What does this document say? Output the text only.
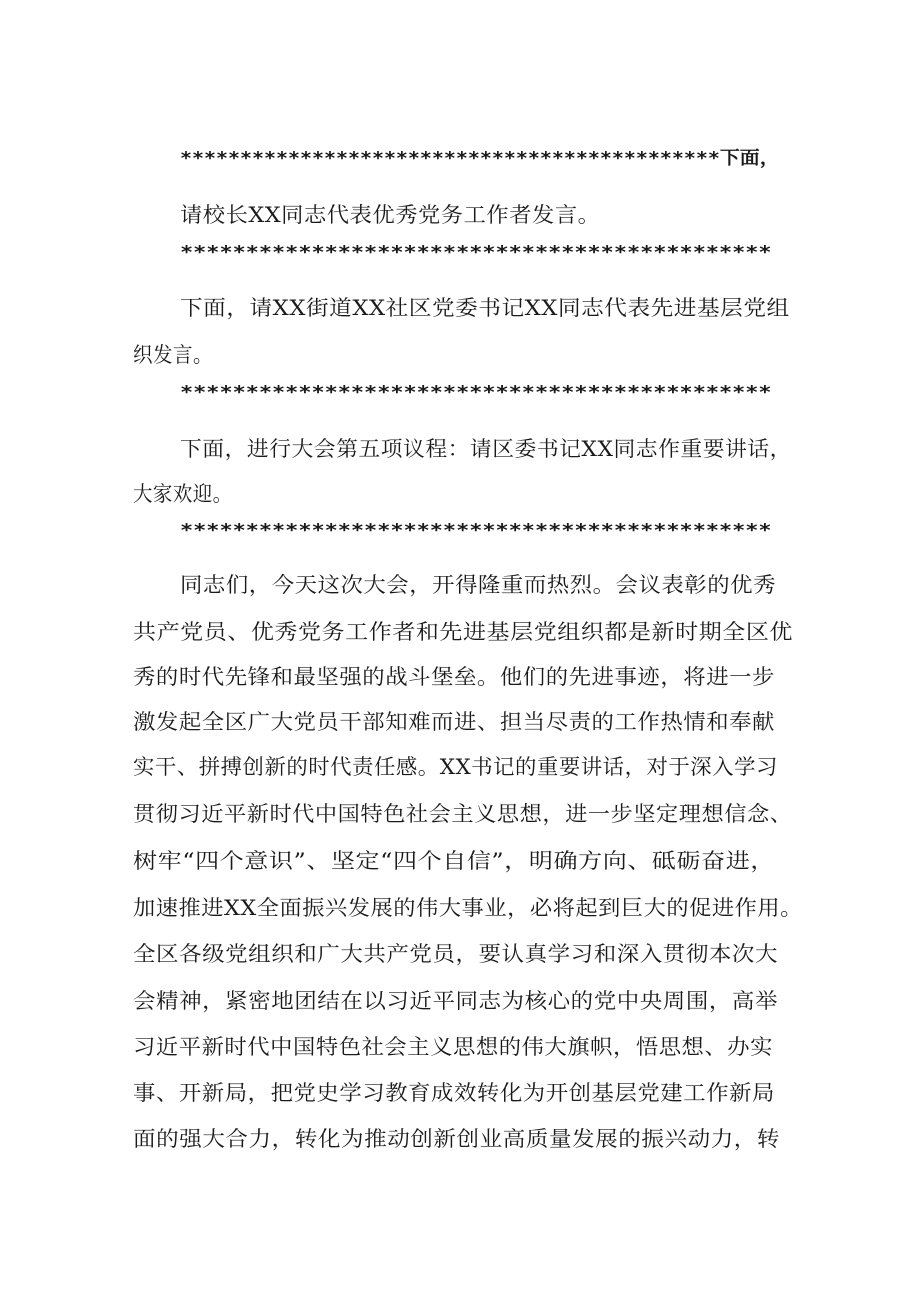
*********************************************下面，
请校长XX同志代表优秀党务工作者发言。
*********************************************
下面，请XX街道XX社区党委书记XX同志代表先进基层党组
织发言。
*********************************************
下面，进行大会第五项议程：请区委书记XX同志作重要讲话，
大家欢迎。
*********************************************
同志们，今天这次大会，开得隆重而热烈。会议表彰的优秀
共产党员、优秀党务工作者和先进基层党组织都是新时期全区优
秀的时代先锋和最坚强的战斗堡垒。他们的先进事迹，将进一步
激发起全区广大党员干部知难而进、担当尽责的工作热情和奉献
实干、拼搏创新的时代责任感。XX书记的重要讲话，对于深入学习
贯彻习近平新时代中国特色社会主义思想，进一步坚定理想信念、
树牢“四个意识”、坚定“四个自信”，明确方向、砥砺奋进，
加速推进XX全面振兴发展的伟大事业，必将起到巨大的促进作用。
全区各级党组织和广大共产党员，要认真学习和深入贯彻本次大
会精神，紧密地团结在以习近平同志为核心的党中央周围，高举
习近平新时代中国特色社会主义思想的伟大旗帜，悟思想、办实
事、开新局，把党史学习教育成效转化为开创基层党建工作新局
面的强大合力，转化为推动创新创业高质量发展的振兴动力，转
